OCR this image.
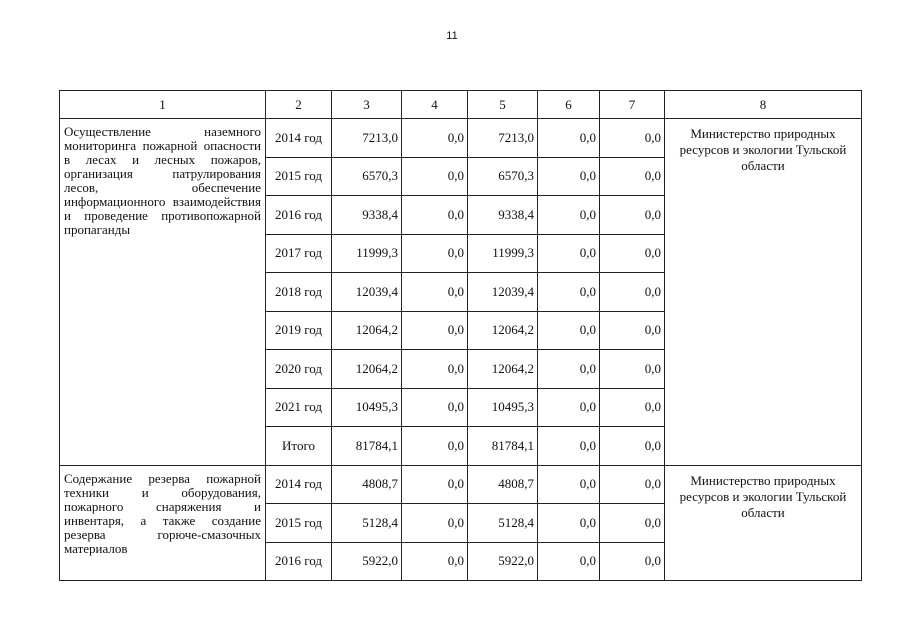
11
1	2	3	4	5	6	7	8
Осуществление наземного мониторинга пожарной опасности в лесах и лесных пожаров, организация патрулирования лесов, обеспечение информационного взаимодействия и проведение противопожарной пропаганды	2014 год	7213,0	0,0	7213,0	0,0	0,0	Министерство природных ресурсов и экологии Тульской области
	2015 год	6570,3	0,0	6570,3	0,0	0,0	
	2016 год	9338,4	0,0	9338,4	0,0	0,0	
	2017 год	11999,3	0,0	11999,3	0,0	0,0	
	2018 год	12039,4	0,0	12039,4	0,0	0,0	
	2019 год	12064,2	0,0	12064,2	0,0	0,0	
	2020 год	12064,2	0,0	12064,2	0,0	0,0	
	2021 год	10495,3	0,0	10495,3	0,0	0,0	
	Итого	81784,1	0,0	81784,1	0,0	0,0	
Содержание резерва пожарной техники и оборудования, пожарного снаряжения и инвентаря, а также создание резерва горюче-смазочных материалов	2014 год	4808,7	0,0	4808,7	0,0	0,0	Министерство природных ресурсов и экологии Тульской области
	2015 год	5128,4	0,0	5128,4	0,0	0,0	
	2016 год	5922,0	0,0	5922,0	0,0	0,0	
